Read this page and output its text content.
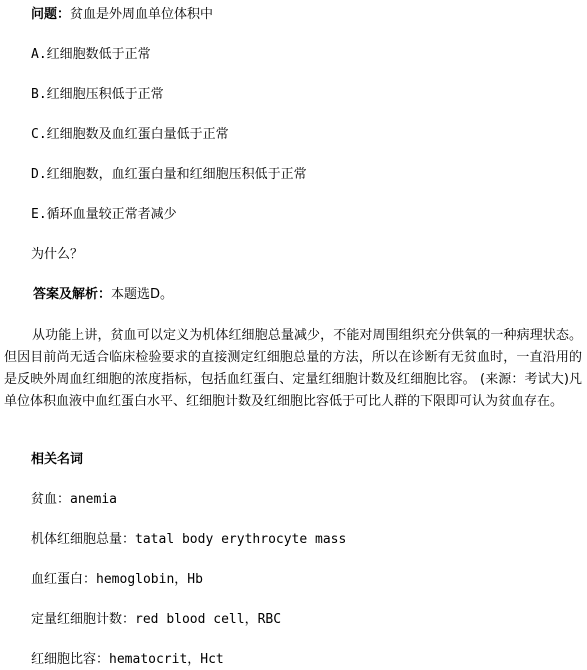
问题：贫血是外周血单位体积中
A.红细胞数低于正常
B.红细胞压积低于正常
C.红细胞数及血红蛋白量低于正常
D.红细胞数，血红蛋白量和红细胞压积低于正常
E.循环血量较正常者减少
为什么？
答案及解析：本题选D。
从功能上讲，贫血可以定义为机体红细胞总量减少，不能对周围组织充分供氧的一种病理状态。但因目前尚无适合临床检验要求的直接测定红细胞总量的方法，所以在诊断有无贫血时，一直沿用的是反映外周血红细胞的浓度指标，包括血红蛋白、定量红细胞计数及红细胞比容。 (来源：考试大)凡单位体积血液中血红蛋白水平、红细胞计数及红细胞比容低于可比人群的下限即可认为贫血存在。
相关名词
贫血：anemia
机体红细胞总量：tatal body erythrocyte mass
血红蛋白：hemoglobin，Hb
定量红细胞计数：red blood cell，RBC
红细胞比容：hematocrit，Hct
